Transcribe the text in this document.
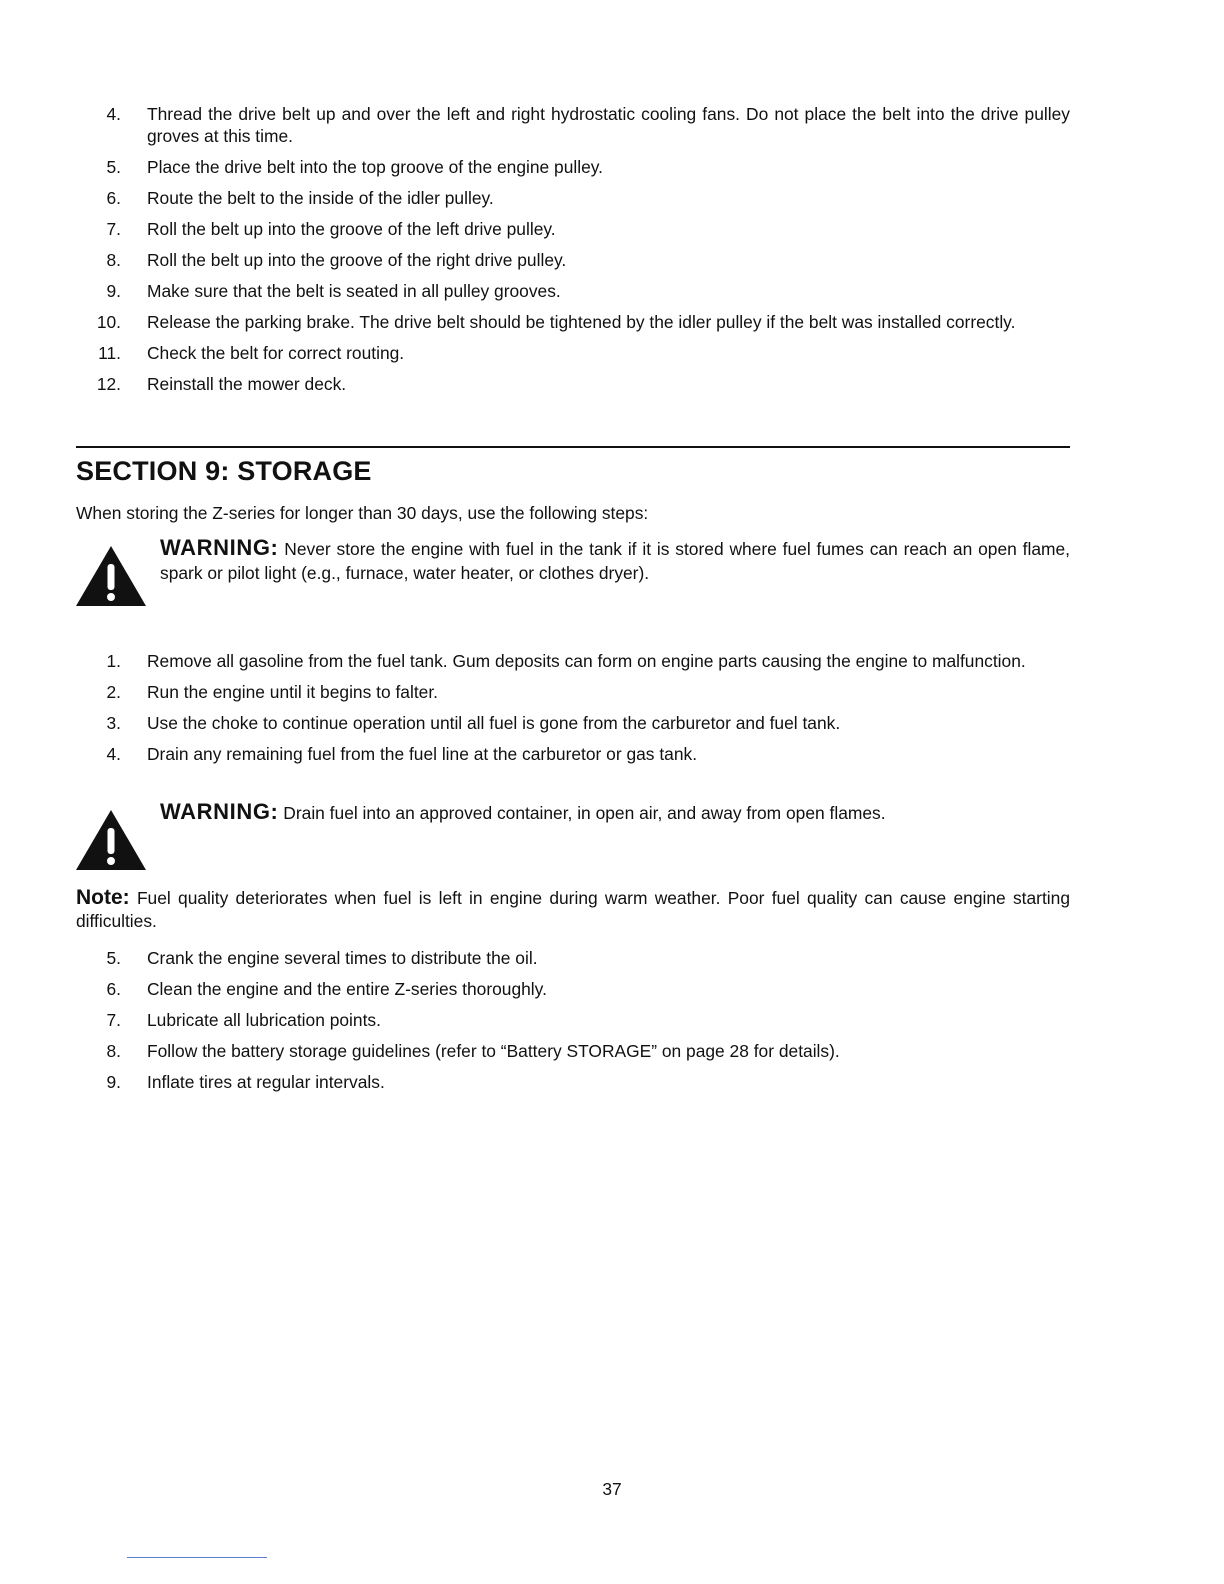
4.	Thread the drive belt up and over the left and right hydrostatic cooling fans. Do not place the belt into the drive pulley groves at this time.
5.	Place the drive belt into the top groove of the engine pulley.
6.	Route the belt to the inside of the idler pulley.
7.	Roll the belt up into the groove of the left drive pulley.
8.	Roll the belt up into the groove of the right drive pulley.
9.	Make sure that the belt is seated in all pulley grooves.
10.	Release the parking brake. The drive belt should be tightened by the idler pulley if the belt was installed correctly.
11.	Check the belt for correct routing.
12.	Reinstall the mower deck.
SECTION 9: STORAGE

When storing the Z-series for longer than 30 days, use the following steps:

WARNING: Never store the engine with fuel in the tank if it is stored where fuel fumes can reach an open flame, spark or pilot light (e.g., furnace, water heater, or clothes dryer).
1.	Remove all gasoline from the fuel tank. Gum deposits can form on engine parts causing the engine to malfunction.
2.	Run the engine until it begins to falter.
3.	Use the choke to continue operation until all fuel is gone from the carburetor and fuel tank.
4.	Drain any remaining fuel from the fuel line at the carburetor or gas tank.
WARNING: Drain fuel into an approved container, in open air, and away from open flames.

Note: Fuel quality deteriorates when fuel is left in engine during warm weather. Poor fuel quality can cause engine starting difficulties.

5.	Crank the engine several times to distribute the oil.
6.	Clean the engine and the entire Z-series thoroughly.
7.	Lubricate all lubrication points.
8.	Follow the battery storage guidelines (refer to “Battery STORAGE” on page 28 for details).
9.	Inflate tires at regular intervals.
37
